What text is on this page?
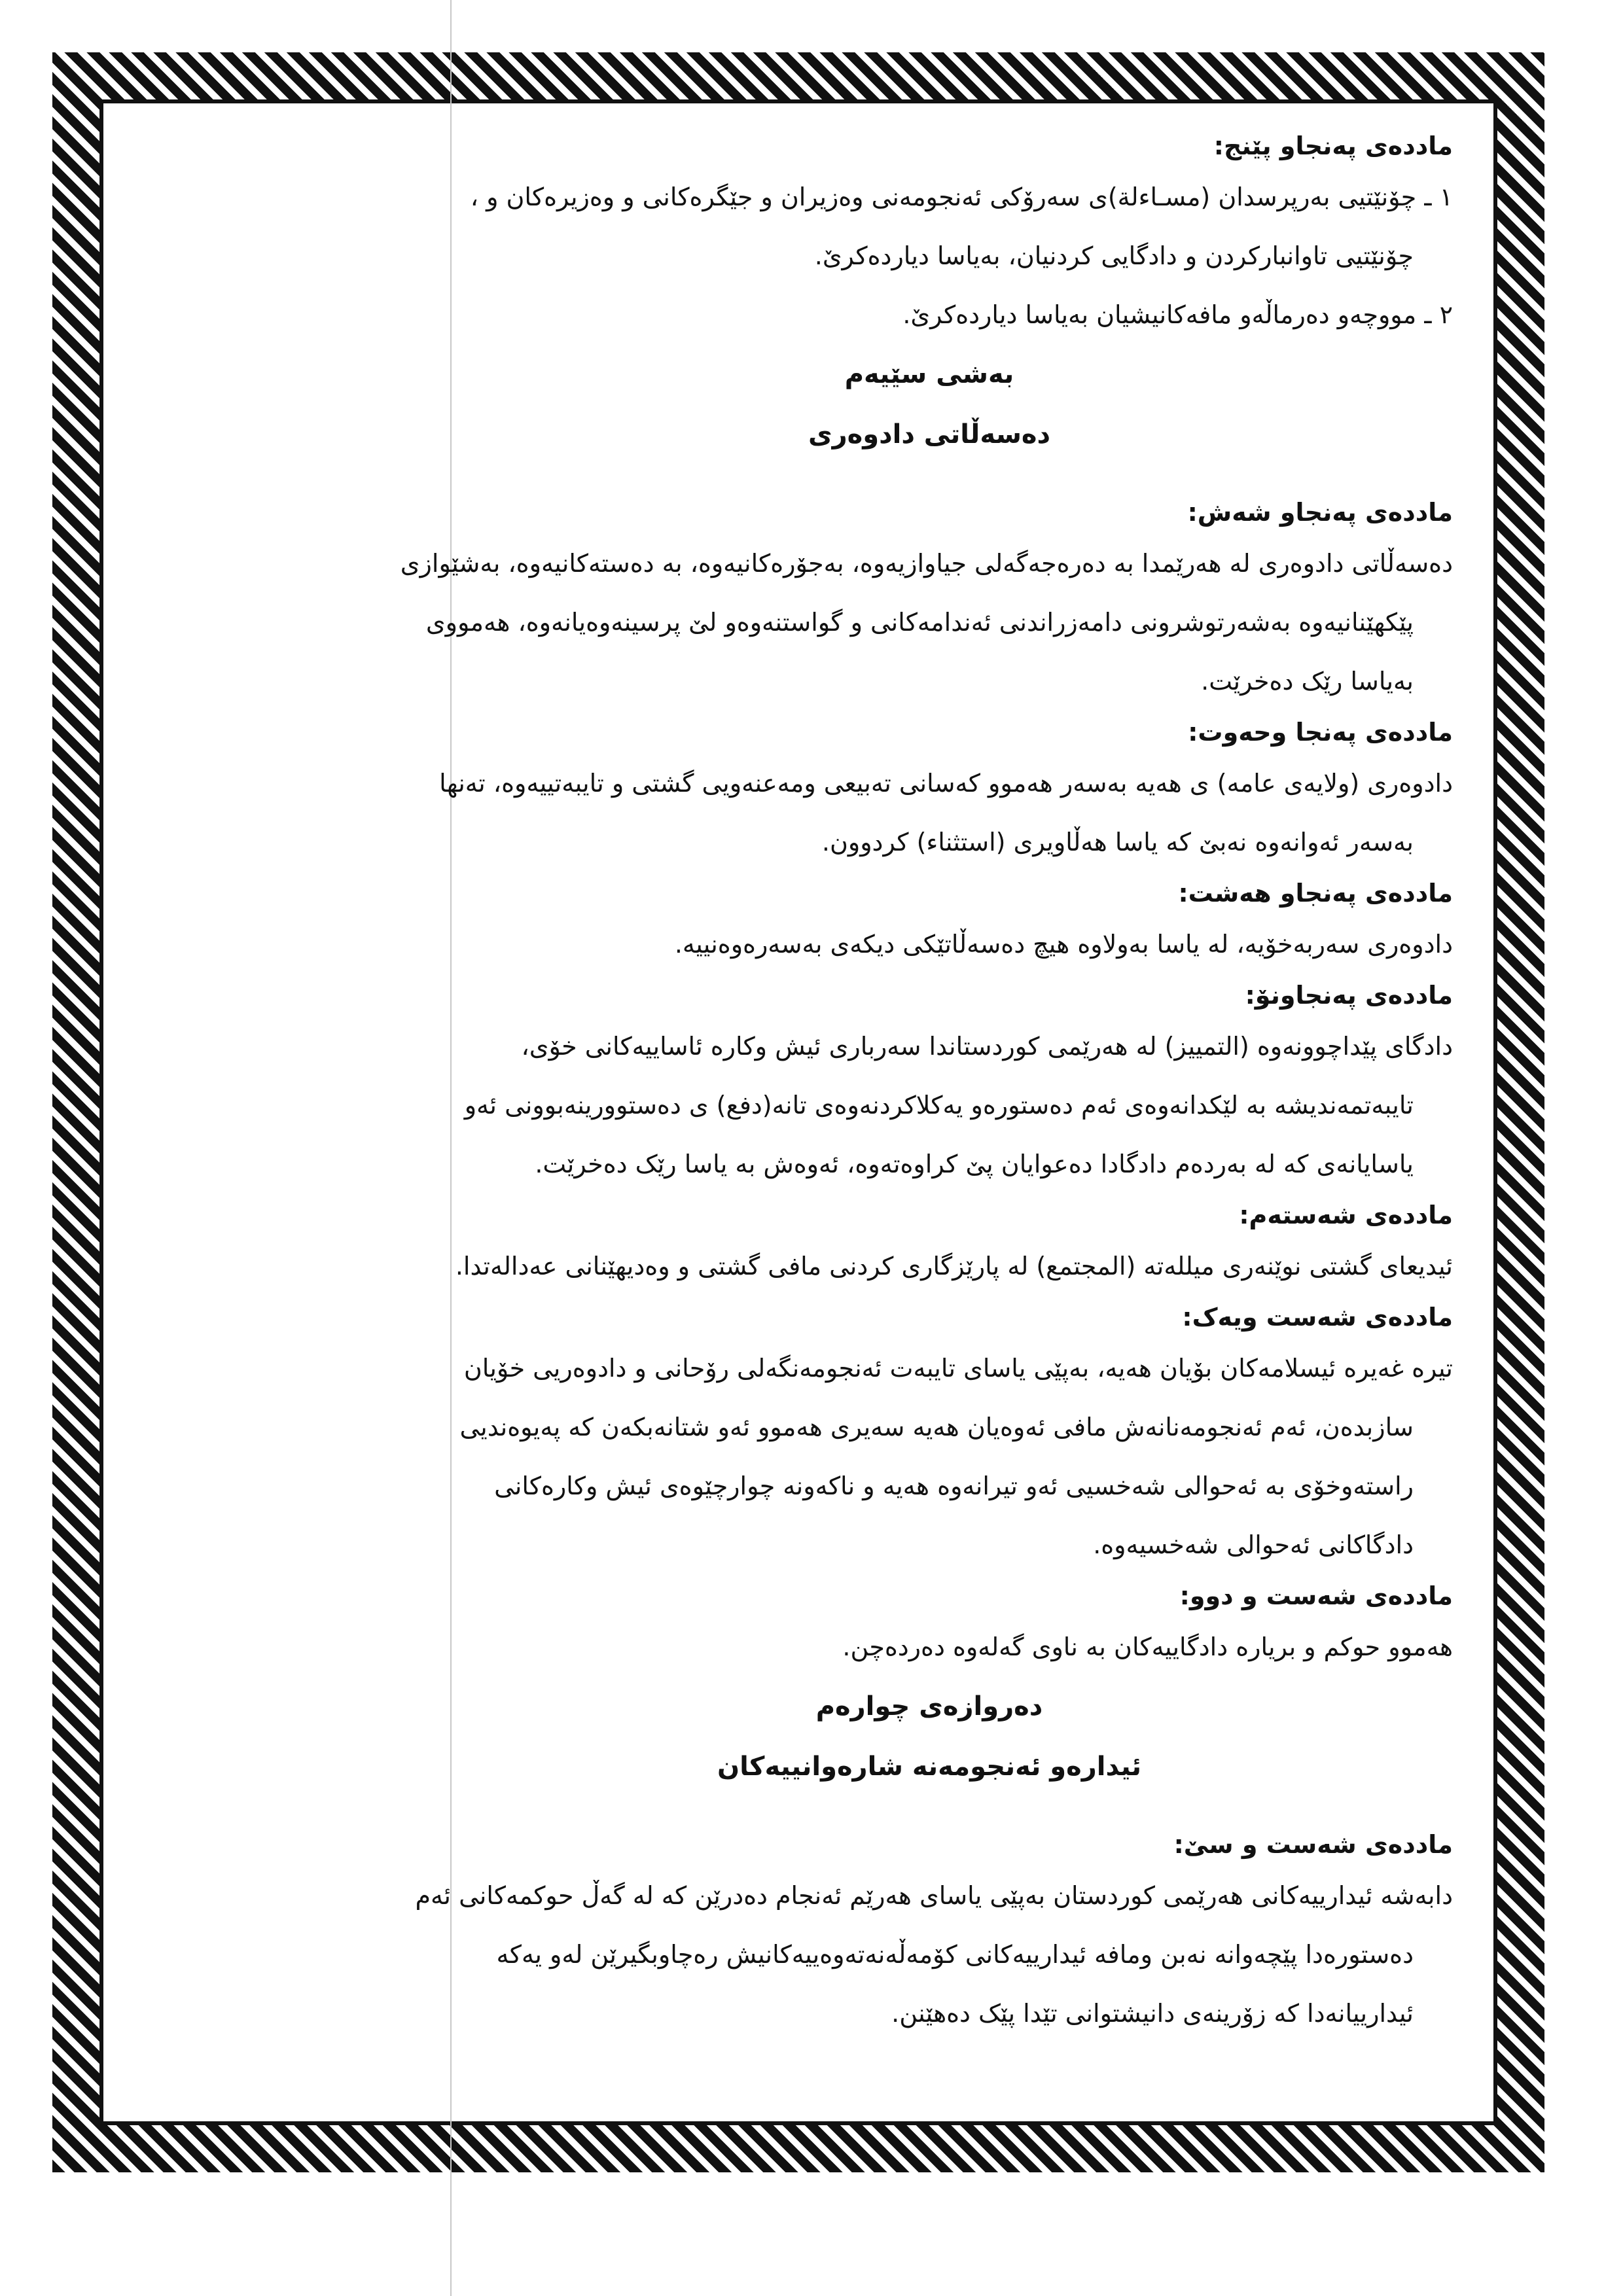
ماددەی پەنجاو پێنج:

١ ـ چۆنێتیی بەرپرسدان (مسـاءلة)ی سەرۆکی ئەنجومەنی وەزیران و جێگرەکانی و وەزیرەکان و ،

چۆنێتیی تاوانبارکردن و دادگایی کردنیان، بەیاسا دیاردەکرێ.

٢ ـ مووچەو دەرماڵەو مافەکانیشیان بەیاسا دیاردەکرێ.

بەشی سێیەم

دەسەڵاتی دادوەری

ماددەی پەنجاو شەش:

دەسەڵاتی دادوەری لە هەرێمدا بە دەرەجەگەلی جیاوازیەوە، بەجۆرەکانیەوە، بە دەستەکانیەوە، بەشێوازی

پێکهێنانیەوە بەشەرتوشرونی دامەزراندنی ئەندامەکانی و گواستنەوەو لێ پرسینەوەیانەوە، هەمووی

بەیاسا رێک دەخرێت.

ماددەی پەنجا وحەوت:

دادوەری (ولایەی عامە) ی هەیە بەسەر هەموو کەسانی تەبیعی ومەعنەویی گشتی و تایبەتییەوە، تەنها

بەسەر ئەوانەوە نەبێ کە یاسا هەڵاویری (استثناء) کردوون.

ماددەی پەنجاو هەشت:

دادوەری سەربەخۆیە، لە یاسا بەولاوە هیچ دەسەڵاتێکی دیکەی بەسەرەوەنییە.

ماددەی پەنجاونۆ:

دادگای پێداچوونەوە (التمییز) لە هەرێمی کوردستاندا سەرباری ئیش وکارە ئاساییەکانی خۆی،

تایبەتمەندیشە بە لێکدانەوەی ئەم دەستورەو یەکلاکردنەوەی تانە(دفع) ی دەستوورینەبوونی ئەو

یاسایانەی کە لە بەردەم دادگادا دەعوایان پێ کراوەتەوە، ئەوەش بە یاسا رێک دەخرێت.

ماددەی شەستەم:

ئیدیعای گشتی نوێنەری میللەتە (المجتمع) لە پارێزگاری کردنی مافی گشتی و وەدیهێنانی عەدالەتدا.

ماددەی شەست ویەک:

تیرە غەیرە ئیسلامەکان بۆیان هەیە، بەپێی یاسای تایبەت ئەنجومەنگەلی رۆحانی و دادوەریی خۆیان

سازبدەن، ئەم ئەنجومەنانەش مافی ئەوەیان هەیە سەیری هەموو ئەو شتانەبکەن کە پەیوەندیی

راستەوخۆی بە ئەحوالی شەخسیی ئەو تیرانەوە هەیە و ناکەونە چوارچێوەی ئیش وکارەکانی

دادگاکانی ئەحوالی شەخسیەوە.

ماددەی شەست و دوو:

هەموو حوکم و بریارە دادگاییەکان بە ناوی گەلەوە دەردەچن.

دەروازەی چوارەم

ئیدارەو ئەنجومەنە شارەوانییەکان

ماددەی شەست و سێ:

دابەشە ئیدارییەکانی هەرێمی کوردستان بەپێی یاسای هەرێم ئەنجام دەدرێن کە لە گەڵ حوکمەکانی ئەم

دەستورەدا پێچەوانە نەبن ومافە ئیدارییەکانی کۆمەڵەنەتەوەییەکانیش رەچاوبگیرێن لەو یەکە

ئیدارییانەدا کە زۆرینەی دانیشتوانی تێدا پێک دەهێنن.
